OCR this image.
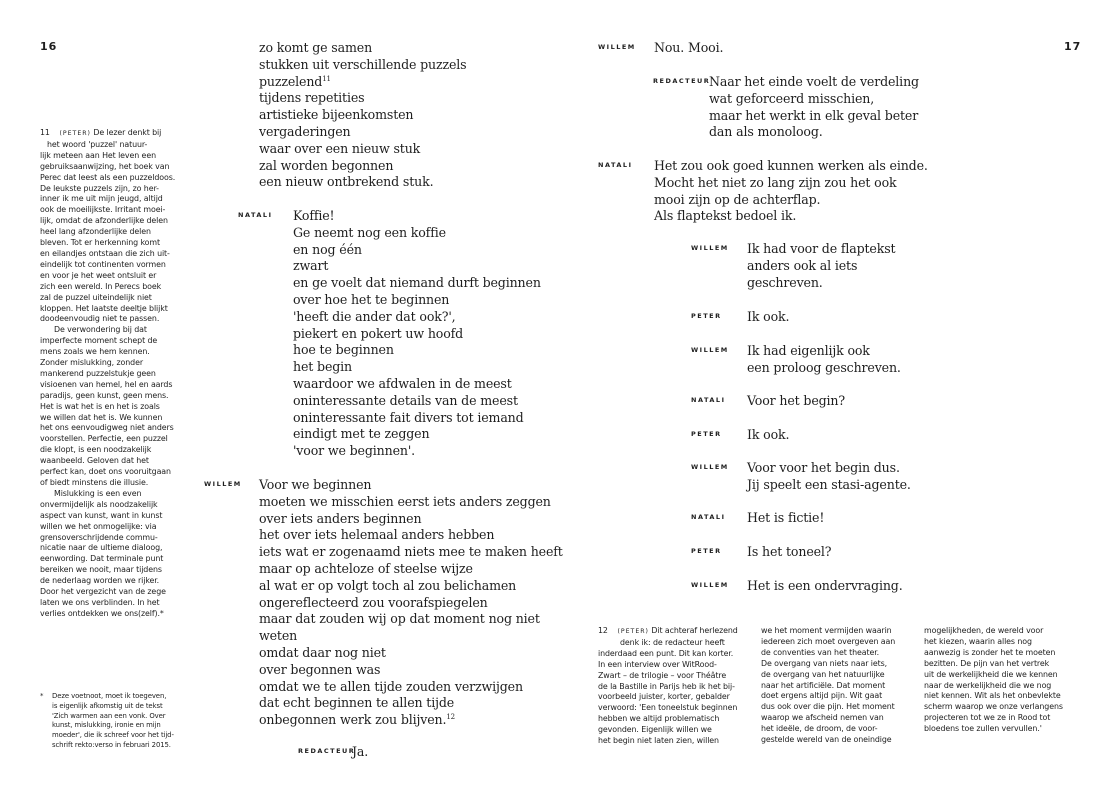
16	17
11 (PETER) De lezer denkt bij
het woord 'puzzel' natuur-
lijk meteen aan Het leven een
gebruiksaanwijzing, het boek van
Perec dat leest als een puzzeldoos.
De leukste puzzels zijn, zo her-
inner ik me uit mijn jeugd, altijd
ook de moeilijkste. Irritant moei-
lijk, omdat de afzonderlijke delen
heel lang afzonderlijke delen
bleven. Tot er herkenning komt
en eilandjes ontstaan die zich uit-
eindelijk tot continenten vormen
en voor je het weet ontsluit er
zich een wereld. In Perecs boek
zal de puzzel uiteindelijk niet
kloppen. Het laatste deeltje blijkt
doodeenvoudig niet te passen.
De verwondering bij dat
imperfecte moment schept de
mens zoals we hem kennen.
Zonder mislukking, zonder
mankerend puzzelstukje geen
visioenen van hemel, hel en aards
paradijs, geen kunst, geen mens.
Het is wat het is en het is zoals
we willen dat het is. We kunnen
het ons eenvoudigweg niet anders
voorstellen. Perfectie, een puzzel
die klopt, is een noodzakelijk
waanbeeld. Geloven dat het
perfect kan, doet ons vooruitgaan
of biedt minstens die illusie.
Mislukking is een even
onvermijdelijk als noodzakelijk
aspect van kunst, want in kunst
willen we het onmogelijke: via
grensoverschrijdende commu-
nicatie naar de ultieme dialoog,
eenwording. Dat terminale punt
bereiken we nooit, maar tijdens
de nederlaag worden we rijker.
Door het vergezicht van de zege
laten we ons verblinden. In het
verlies ontdekken we ons(zelf).*
* Deze voetnoot, moet ik toegeven,
is eigenlijk afkomstig uit de tekst
'Zich warmen aan een vonk. Over
kunst, mislukking, ironie en mijn
moeder', die ik schreef voor het tijd-
schrift rekto:verso in februari 2015.
zo komt ge samen
stukken uit verschillende puzzels
puzzelend$^{11}$
tijdens repetities
artistieke bijeenkomsten
vergaderingen
waar over een nieuw stuk
zal worden begonnen
een nieuw ontbrekend stuk.
NATALI Koffie!
Ge neemt nog een koffie
en nog één
zwart
en ge voelt dat niemand durft beginnen
over hoe het te beginnen
'heeft die ander dat ook?',
piekert en pokert uw hoofd
hoe te beginnen
het begin
waardoor we afdwalen in de meest
oninteressante details van de meest
oninteressante fait divers tot iemand
eindigt met te zeggen
'voor we beginnen'.
WILLEM Voor we beginnen
moeten we misschien eerst iets anders zeggen
over iets anders beginnen
het over iets helemaal anders hebben
iets wat er zogenaamd niets mee te maken heeft
maar op achteloze of steelse wijze
al wat er op volgt toch al zou belichamen
ongereflecteerd zou voorafspiegelen
maar dat zouden wij op dat moment nog niet
weten
omdat daar nog niet
over begonnen was
omdat we te allen tijde zouden verzwijgen
dat echt beginnen te allen tijde
onbegonnen werk zou blijven.$^{12}$
REDACTEUR
Ja.
WILLEM Nou. Mooi.
REDACTEUR
Naar het einde voelt de verdeling
wat geforceerd misschien,
maar het werkt in elk geval beter
dan als monoloog.
NATALI Het zou ook goed kunnen werken als einde.
Mocht het niet zo lang zijn zou het ook
mooi zijn op de achterflap.
Als flaptekst bedoel ik.
WILLEM Ik had voor de flaptekst
anders ook al iets
geschreven.
PETER Ik ook.
WILLEM Ik had eigenlijk ook
een proloog geschreven.
NATALI Voor het begin?
PETER Ik ook.
WILLEM Voor voor het begin dus.
Jij speelt een stasi-agente.
NATALI Het is fictie!
PETER Is het toneel?
WILLEM Het is een ondervraging.
12 (PETER) Dit achteraf herlezend
denk ik: de redacteur heeft
inderdaad een punt. Dit kan korter.
In een interview over WitRood-
Zwart – de trilogie – voor Théâtre
de la Bastille in Parijs heb ik het bij-
voorbeeld juister, korter, gebalder
verwoord: 'Een toneelstuk beginnen
hebben we altijd problematisch
gevonden. Eigenlijk willen we
het begin niet laten zien, willen
we het moment vermijden waarin
iedereen zich moet overgeven aan
de conventies van het theater.
De overgang van niets naar iets,
de overgang van het natuurlijke
naar het artificiële. Dat moment
doet ergens altijd pijn. Wit gaat
dus ook over die pijn. Het moment
waarop we afscheid nemen van
het ideële, de droom, de voor-
gestelde wereld van de oneindige
mogelijkheden, de wereld voor
het kiezen, waarin alles nog
aanwezig is zonder het te moeten
bezitten. De pijn van het vertrek
uit de werkelijkheid die we kennen
naar de werkelijkheid die we nog
niet kennen. Wit als het onbevlekte
scherm waarop we onze verlangens
projecteren tot we ze in Rood tot
bloedens toe zullen vervullen.'
